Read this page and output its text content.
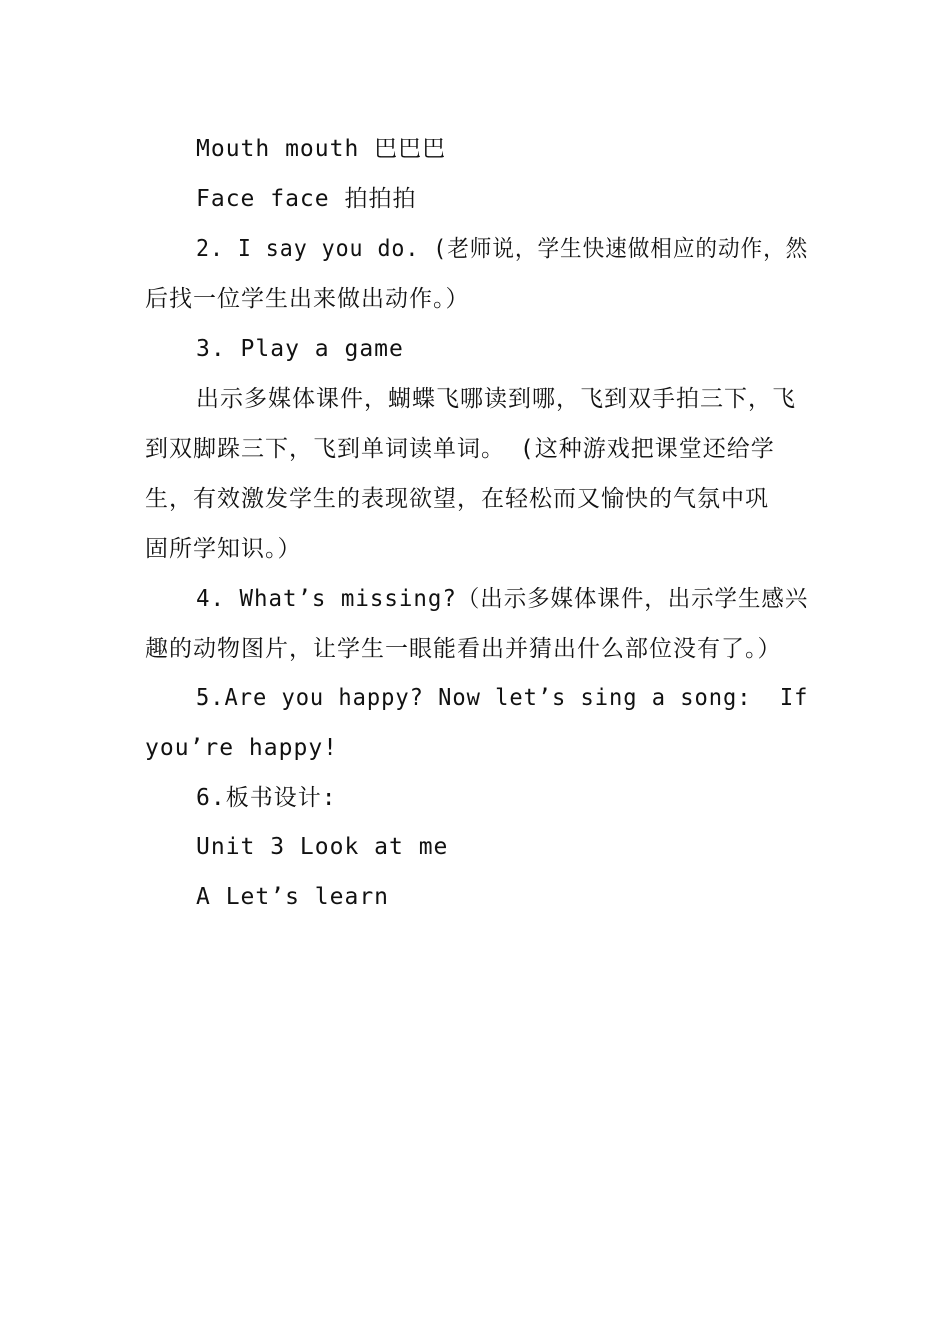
Mouth mouth 巴巴巴
Face face 拍拍拍
2. I say you do. (老师说，学生快速做相应的动作，然
后找一位学生出来做出动作。）
3. Play a game
出示多媒体课件，蝴蝶飞哪读到哪，飞到双手拍三下，飞
到双脚跺三下，飞到单词读单词。 (这种游戏把课堂还给学
生，有效激发学生的表现欲望，在轻松而又愉快的气氛中巩
固所学知识。）
4. What’s missing?（出示多媒体课件，出示学生感兴
趣的动物图片，让学生一眼能看出并猜出什么部位没有了。）
5.Are you happy? Now let’s sing a song:  If
you’re happy!
6.板书设计:
Unit 3 Look at me
A Let’s learn
